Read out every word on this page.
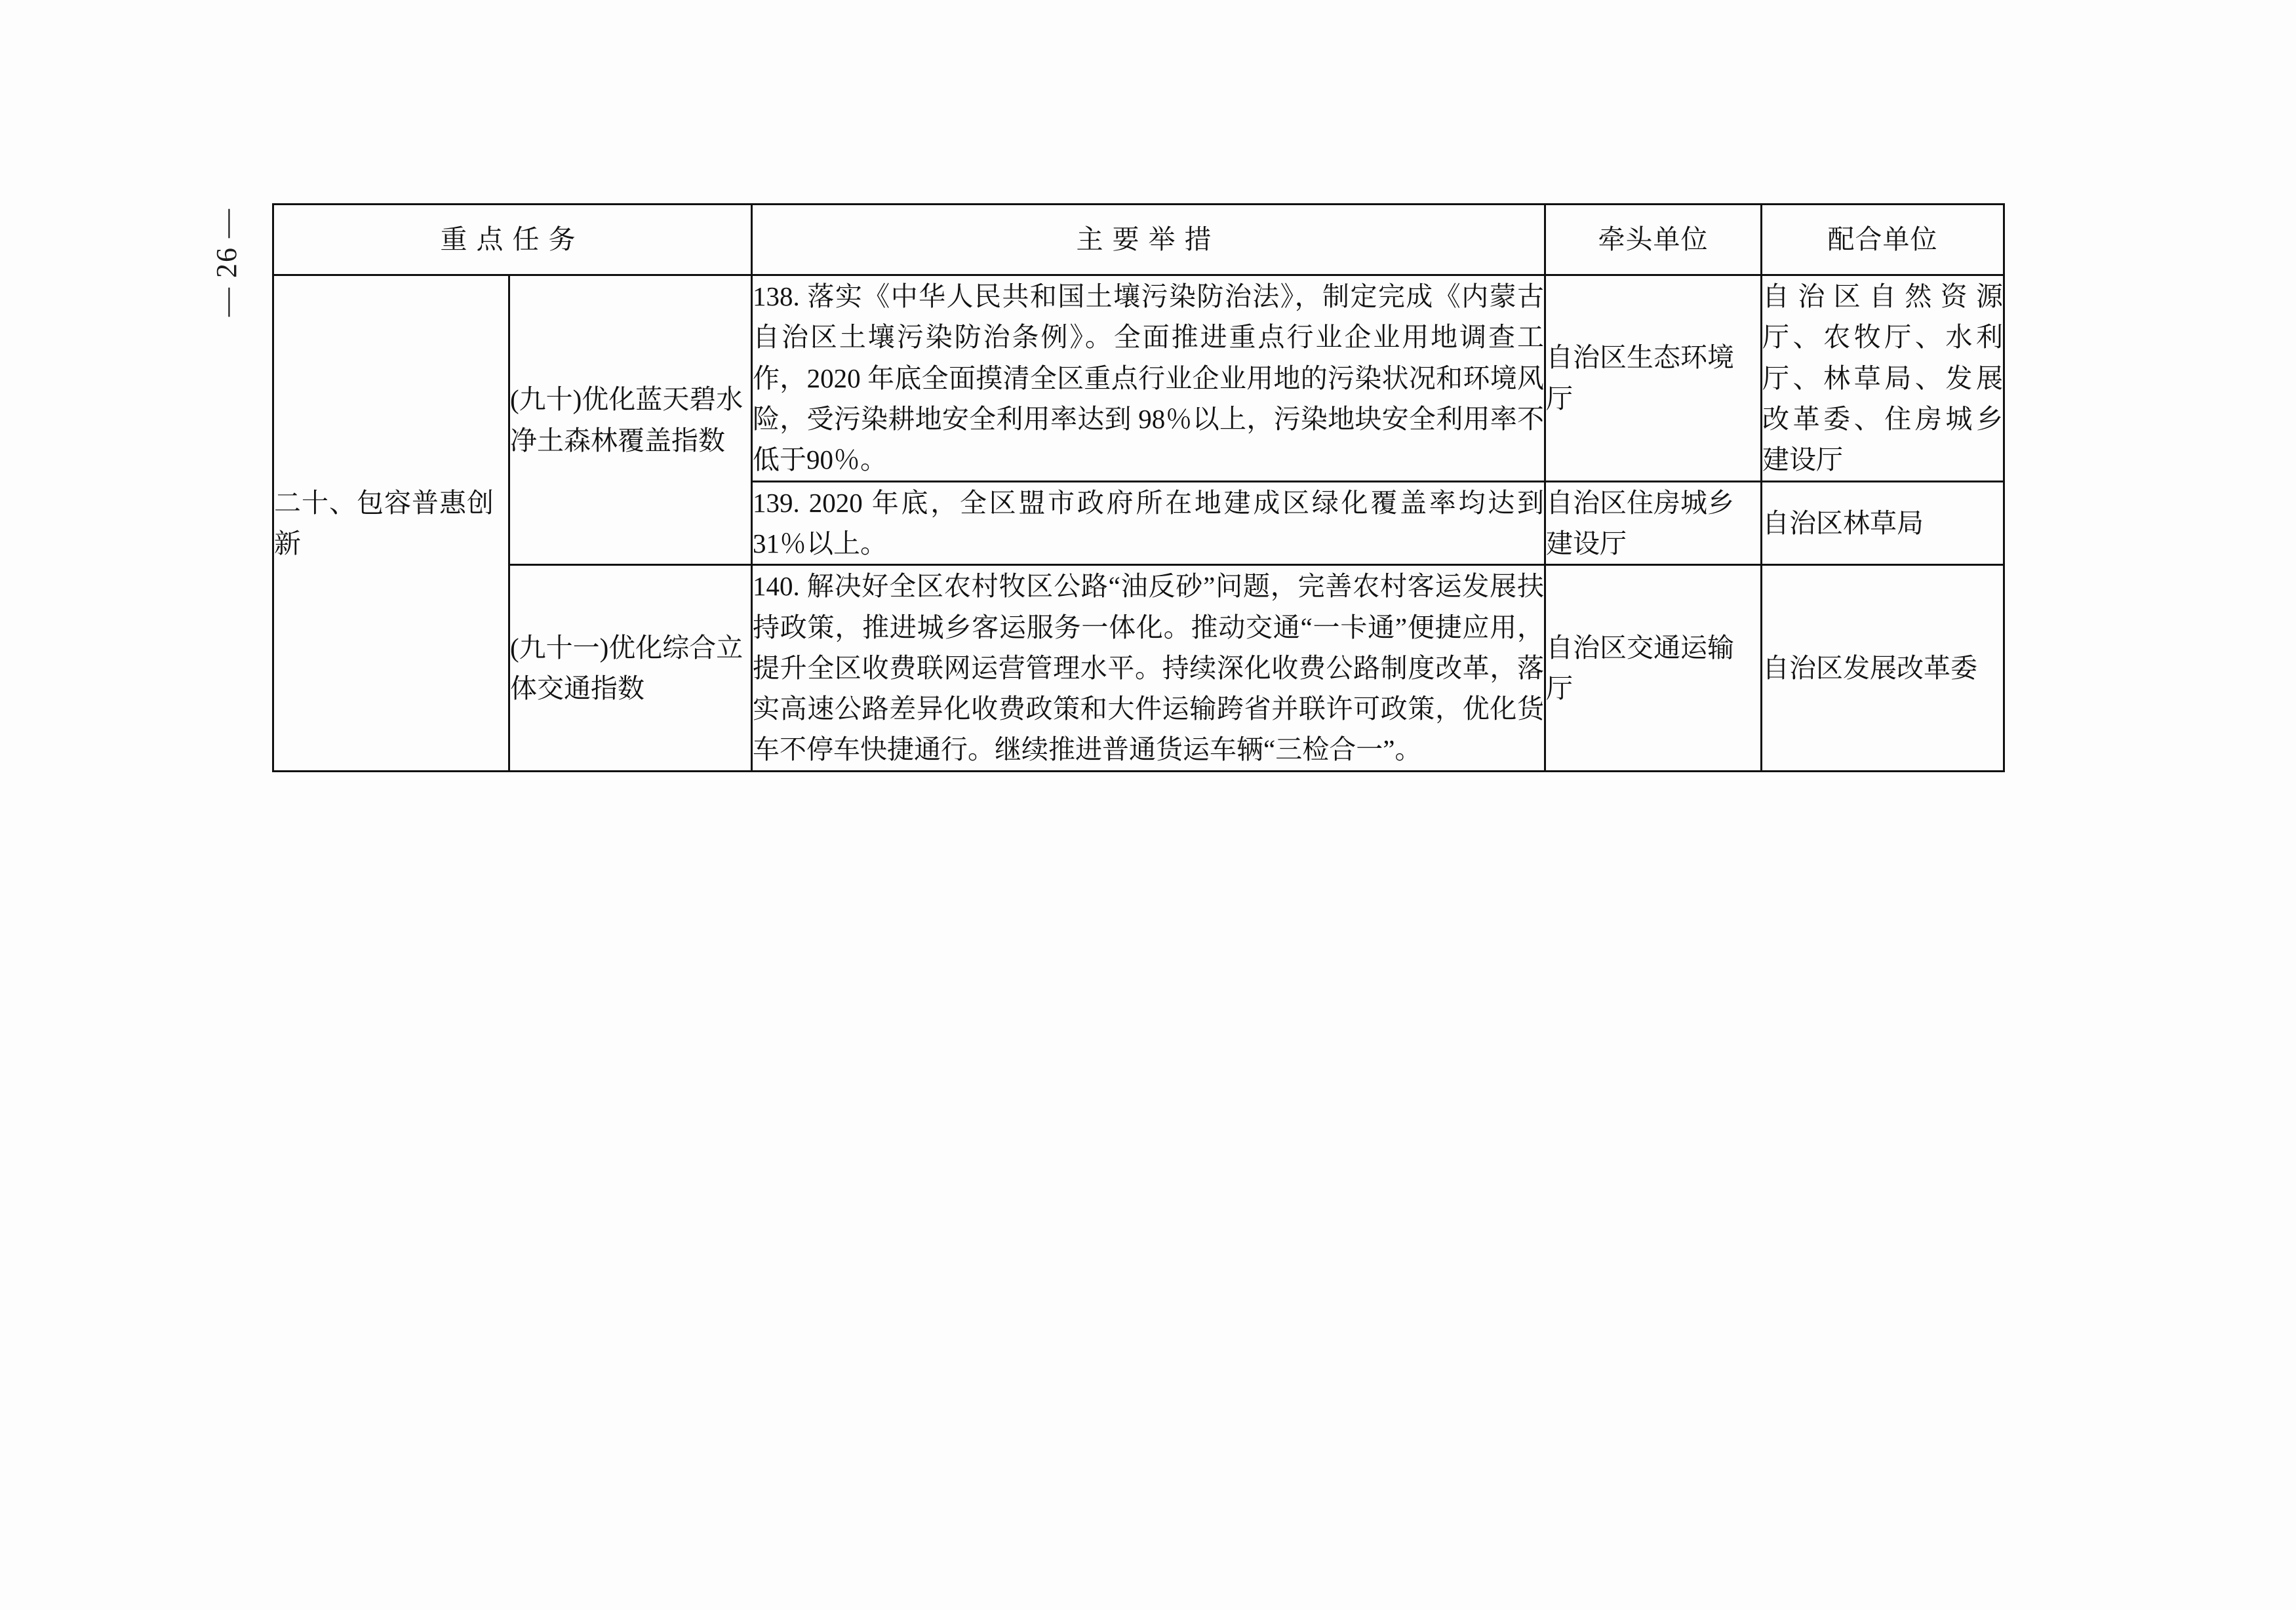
— 26 —	重点任务		主要举措	牵头单位	配合单位
二十、包容普惠创新	(九十)优化蓝天碧水净土森林覆盖指数	138. 落实《中华人民共和国土壤污染防治法》，制定完成《内蒙古自治区土壤污染防治条例》。全面推进重点行业企业用地调查工作，2020 年底全面摸清全区重点行业企业用地的污染状况和环境风险，受污染耕地安全利用率达到 98％以上，污染地块安全利用率不低于90％。	自治区生态环境厅	自治区自然资源厅、农牧厅、水利厅、林草局、发展改革委、住房城乡建设厅
		139. 2020 年底，全区盟市政府所在地建成区绿化覆盖率均达到 31％以上。	自治区住房城乡建设厅	自治区林草局
	(九十一)优化综合立体交通指数	140. 解决好全区农村牧区公路“油反砂”问题，完善农村客运发展扶持政策，推进城乡客运服务一体化。推动交通“一卡通”便捷应用，提升全区收费联网运营管理水平。持续深化收费公路制度改革，落实高速公路差异化收费政策和大件运输跨省并联许可政策，优化货车不停车快捷通行。继续推进普通货运车辆“三检合一”。	自治区交通运输厅	自治区发展改革委
